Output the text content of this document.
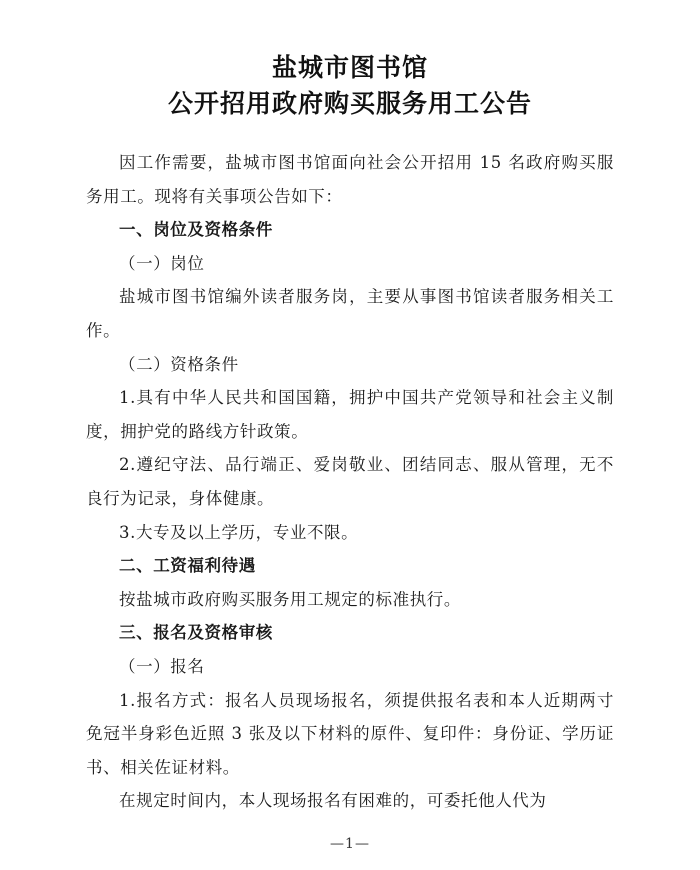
盐城市图书馆
公开招用政府购买服务用工公告

因工作需要，盐城市图书馆面向社会公开招用 15 名政府购买服务用工。现将有关事项公告如下：

一、岗位及资格条件

（一）岗位

盐城市图书馆编外读者服务岗，主要从事图书馆读者服务相关工作。

（二）资格条件

1.具有中华人民共和国国籍，拥护中国共产党领导和社会主义制度，拥护党的路线方针政策。

2.遵纪守法、品行端正、爱岗敬业、团结同志、服从管理，无不良行为记录，身体健康。

3.大专及以上学历，专业不限。

二、工资福利待遇

按盐城市政府购买服务用工规定的标准执行。

三、报名及资格审核

（一）报名

1.报名方式：报名人员现场报名，须提供报名表和本人近期两寸免冠半身彩色近照 3 张及以下材料的原件、复印件：身份证、学历证书、相关佐证材料。

在规定时间内，本人现场报名有困难的，可委托他人代为

—1—
